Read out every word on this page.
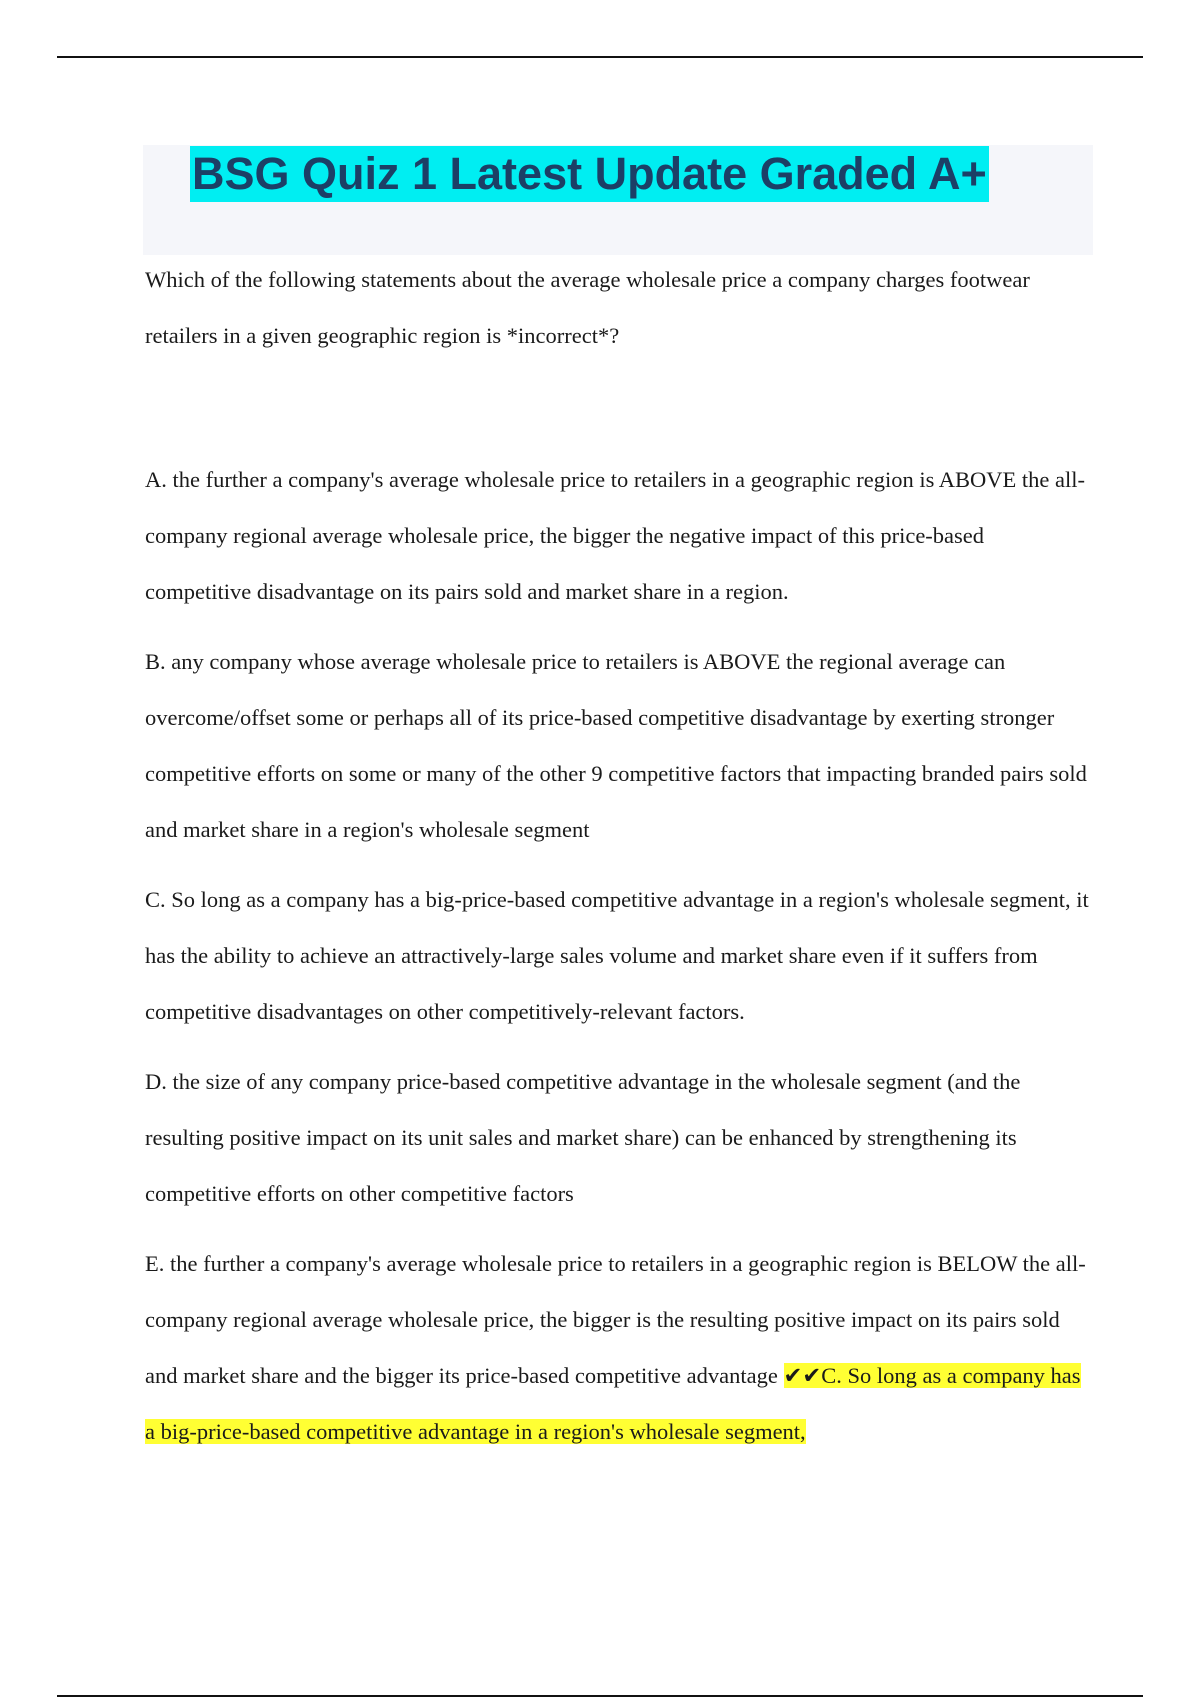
BSG Quiz 1 Latest Update Graded A+

Which of the following statements about the average wholesale price a company charges footwear retailers in a given geographic region is *incorrect*?

A. the further a company's average wholesale price to retailers in a geographic region is ABOVE the all-company regional average wholesale price, the bigger the negative impact of this price-based competitive disadvantage on its pairs sold and market share in a region.

B. any company whose average wholesale price to retailers is ABOVE the regional average can overcome/offset some or perhaps all of its price-based competitive disadvantage by exerting stronger competitive efforts on some or many of the other 9 competitive factors that impacting branded pairs sold and market share in a region's wholesale segment

C. So long as a company has a big-price-based competitive advantage in a region's wholesale segment, it has the ability to achieve an attractively-large sales volume and market share even if it suffers from competitive disadvantages on other competitively-relevant factors.

D. the size of any company price-based competitive advantage in the wholesale segment (and the resulting positive impact on its unit sales and market share) can be enhanced by strengthening its competitive efforts on other competitive factors

E. the further a company's average wholesale price to retailers in a geographic region is BELOW the all-company regional average wholesale price, the bigger is the resulting positive impact on its pairs sold and market share and the bigger its price-based competitive advantage ✔✔C. So long as a company has a big-price-based competitive advantage in a region's wholesale segment,
